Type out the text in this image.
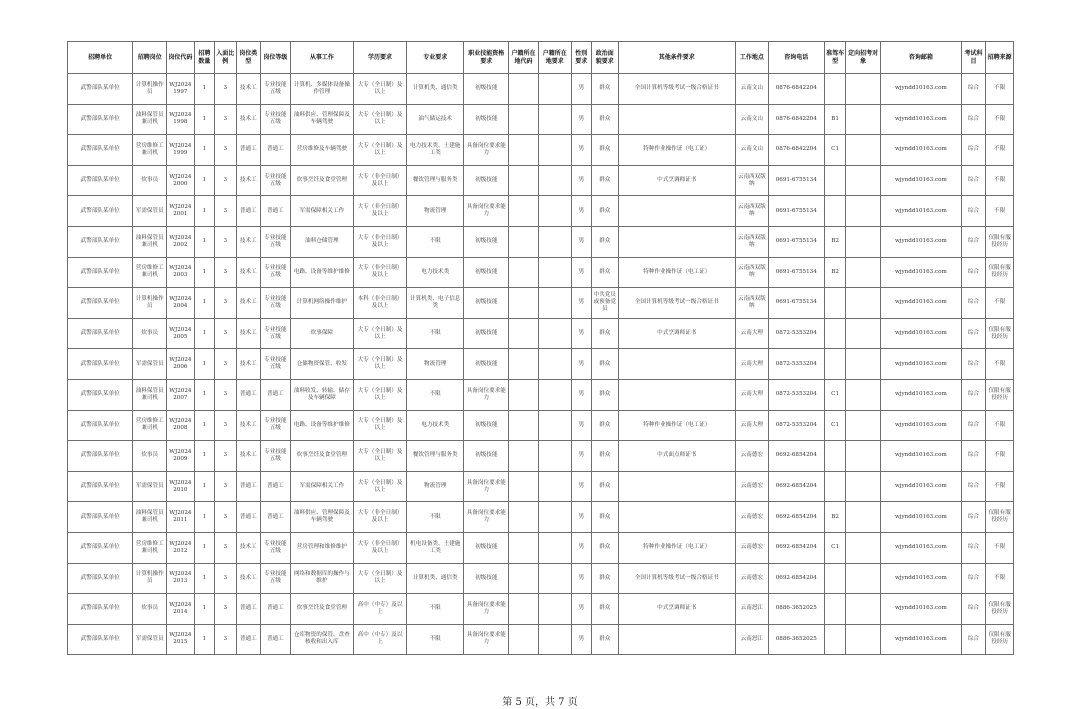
招聘单位	招聘岗位	岗位代码	招聘数量	入面比例	岗位类型	岗位等级	从事工作	学历要求	专业要求	职业技能资格要求	户籍所在地代码	户籍所在地要求	性别要求	政治面貌要求	其他条件要求	工作地点	咨询电话	准驾车型	定向招考对象	咨询邮箱	考试科目	招聘来源
武警部队某单位	计算机操作员	WJ2024 1997	1	3	技术工	专业技能五级	计算机、多媒体设备操作管理	大专（全日制）及以上	计算机类、通信类	初级技能			男	群众	全国计算机等级考试一级合格证书	云南文山	0876-6842204			wjyndd10163.com	综合	不限
武警部队某单位	油料保管员兼司机	WJ2024 1998	1	3	技术工	专业技能五级	油料供应、管理保障及车辆驾驶	大专（全日制）及以上	油气储运技术	初级技能			男	群众		云南文山	0876-6842204	B1		wjyndd10163.com	综合	不限
武警部队某单位	营房维修工兼司机	WJ2024 1999	1	3	普通工	普通工	营房维修及车辆驾驶	大专（全日制）及以上	电力技术类、土建施工类	具备岗位要求能力			男	群众	特种作业操作证（电工证）	云南文山	0876-6842204	C1		wjyndd10163.com	综合	不限
武警部队某单位	炊事员	WJ2024 2000	1	3	技术工	专业技能五级	炊事烹饪及食堂管理	大专（非全日制）及以上	餐饮管理与服务类	初级技能			男	群众	中式烹调师证书	云南西双版纳	0691-6755134			wjyndd10163.com	综合	不限
武警部队某单位	军需保管员	WJ2024 2001	1	3	普通工	普通工	军需保障相关工作	大专（非全日制）及以上	物流管理	具备岗位要求能力			男	群众		云南西双版纳	0691-6755134			wjyndd10163.com	综合	不限
武警部队某单位	油料保管员兼司机	WJ2024 2002	1	3	技术工	专业技能五级	油料仓储管理	大专（非全日制）及以上	不限	初级技能			男	群众		云南西双版纳	0691-6755134	B2		wjyndd10163.com	综合	仅限有服役经历
武警部队某单位	营房维修工兼司机	WJ2024 2003	1	3	技术工	专业技能五级	电路、设备等维护维修	大专（非全日制）及以上	电力技术类	初级技能			男	群众	特种作业操作证（电工证）	云南西双版纳	0691-6755134	B2		wjyndd10163.com	综合	仅限有服役经历
武警部队某单位	计算机操作员	WJ2024 2004	1	3	技术工	专业技能五级	计算机网络操作维护	本科（非全日制）及以上	计算机类、电子信息类	初级技能			男	中共党员或预备党员	全国计算机等级考试一级合格证书	云南西双版纳	0691-6755134			wjyndd10163.com	综合	不限
武警部队某单位	炊事员	WJ2024 2005	1	3	技术工	专业技能五级	炊事保障	大专（全日制）及以上	不限	初级技能			男	群众	中式烹调师证书	云南大理	0872-5353204			wjyndd10163.com	综合	仅限有服役经历
武警部队某单位	军需保管员	WJ2024 2006	1	3	技术工	专业技能五级	仓储物资保管、收发	大专（全日制）及以上	物流管理	初级技能			男	群众		云南大理	0872-5353204			wjyndd10163.com	综合	不限
武警部队某单位	油料保管员兼司机	WJ2024 2007	1	3	普通工	普通工	油料收发、转输、储存及车辆保障	大专（全日制）及以上	不限	具备岗位要求能力			男	群众		云南大理	0872-5353204	C1		wjyndd10163.com	综合	仅限有服役经历
武警部队某单位	营房维修工兼司机	WJ2024 2008	1	3	技术工	专业技能五级	电路、设备等维护维修	大专（全日制）及以上	电力技术类	初级技能			男	群众	特种作业操作证（电工证）	云南大理	0872-5353204	C1		wjyndd10163.com	综合	不限
武警部队某单位	炊事员	WJ2024 2009	1	3	技术工	专业技能五级	炊事烹饪及食堂管理	大专（全日制）及以上	餐饮管理与服务类	初级技能			男	群众	中式面点师证书	云南德宏	0692-6854204			wjyndd10163.com	综合	不限
武警部队某单位	军需保管员	WJ2024 2010	1	3	普通工	普通工	军需保障相关工作	大专（全日制）及以上	物流管理	具备岗位要求能力			男	群众		云南德宏	0692-6854204			wjyndd10163.com	综合	不限
武警部队某单位	油料保管员兼司机	WJ2024 2011	1	3	普通工	普通工	油料供应、管理保障及车辆驾驶	大专（非全日制）及以上	不限	具备岗位要求能力			男	群众		云南德宏	0692-6854204	B2		wjyndd10163.com	综合	仅限有服役经历
武警部队某单位	营房维修工兼司机	WJ2024 2012	1	3	技术工	专业技能五级	营房管理和维修维护	大专（非全日制）及以上	机电设备类、土建施工类	初级技能			男	群众	特种作业操作证（电工证）	云南德宏	0692-6854204	C1		wjyndd10163.com	综合	不限
武警部队某单位	计算机操作员	WJ2024 2013	1	3	技术工	专业技能五级	网络和数据库的操作与维护	大专（全日制）及以上	计算机类、通信类	初级技能			男	群众	全国计算机等级考试一级合格证书	云南德宏	0692-6854204			wjyndd10163.com	综合	不限
武警部队某单位	炊事员	WJ2024 2014	1	3	普通工	普通工	炊事烹饪及食堂管理	高中（中专）及以上	不限	具备岗位要求能力			男	群众	中式烹调师证书	云南怒江	0886-3652025			wjyndd10163.com	综合	仅限有服役经历
武警部队某单位	军需保管员	WJ2024 2015	1	3	普通工	普通工	仓库物资的保管、盘查核收和出入库	高中（中专）及以上	不限	具备岗位要求能力			男	群众		云南怒江	0886-3652025			wjyndd10163.com	综合	仅限有服役经历
第 5 页，共 7 页
